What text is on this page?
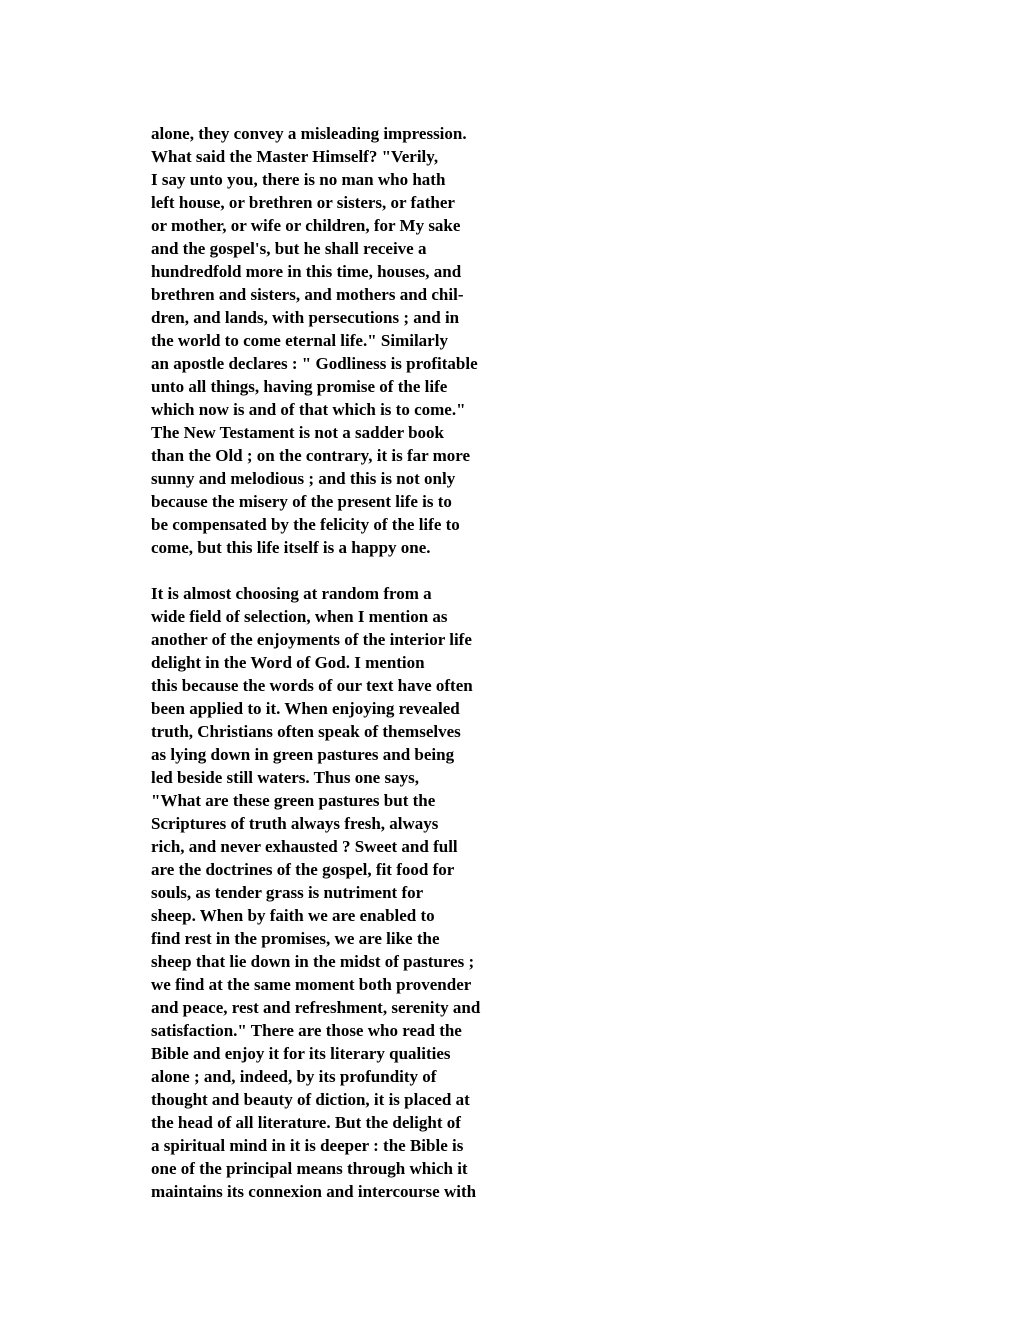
alone, they convey a misleading impression.
What said the Master Himself? "Verily,
I say unto you, there is no man who hath
left house, or brethren or sisters, or father
or mother, or wife or children, for My sake
and the gospel's, but he shall receive a
hundredfold more in this time, houses, and
brethren and sisters, and mothers and chil-
dren, and lands, with persecutions ; and in
the world to come eternal life." Similarly
an apostle declares : " Godliness is profitable
unto all things, having promise of the life
which now is and of that which is to come."
The New Testament is not a sadder book
than the Old ; on the contrary, it is far more
sunny and melodious ; and this is not only
because the misery of the present life is to
be compensated by the felicity of the life to
come, but this life itself is a happy one.
It is almost choosing at random from a
wide field of selection, when I mention as
another of the enjoyments of the interior life
delight in the Word of God. I mention
this because the words of our text have often
been applied to it. When enjoying revealed
truth, Christians often speak of themselves
as lying down in green pastures and being
led beside still waters. Thus one says,
"What are these green pastures but the
Scriptures of truth always fresh, always
rich, and never exhausted ? Sweet and full
are the doctrines of the gospel, fit food for
souls, as tender grass is nutriment for
sheep. When by faith we are enabled to
find rest in the promises, we are like the
sheep that lie down in the midst of pastures ;
we find at the same moment both provender
and peace, rest and refreshment, serenity and
satisfaction." There are those who read the
Bible and enjoy it for its literary qualities
alone ; and, indeed, by its profundity of
thought and beauty of diction, it is placed at
the head of all literature. But the delight of
a spiritual mind in it is deeper : the Bible is
one of the principal means through which it
maintains its connexion and intercourse with
